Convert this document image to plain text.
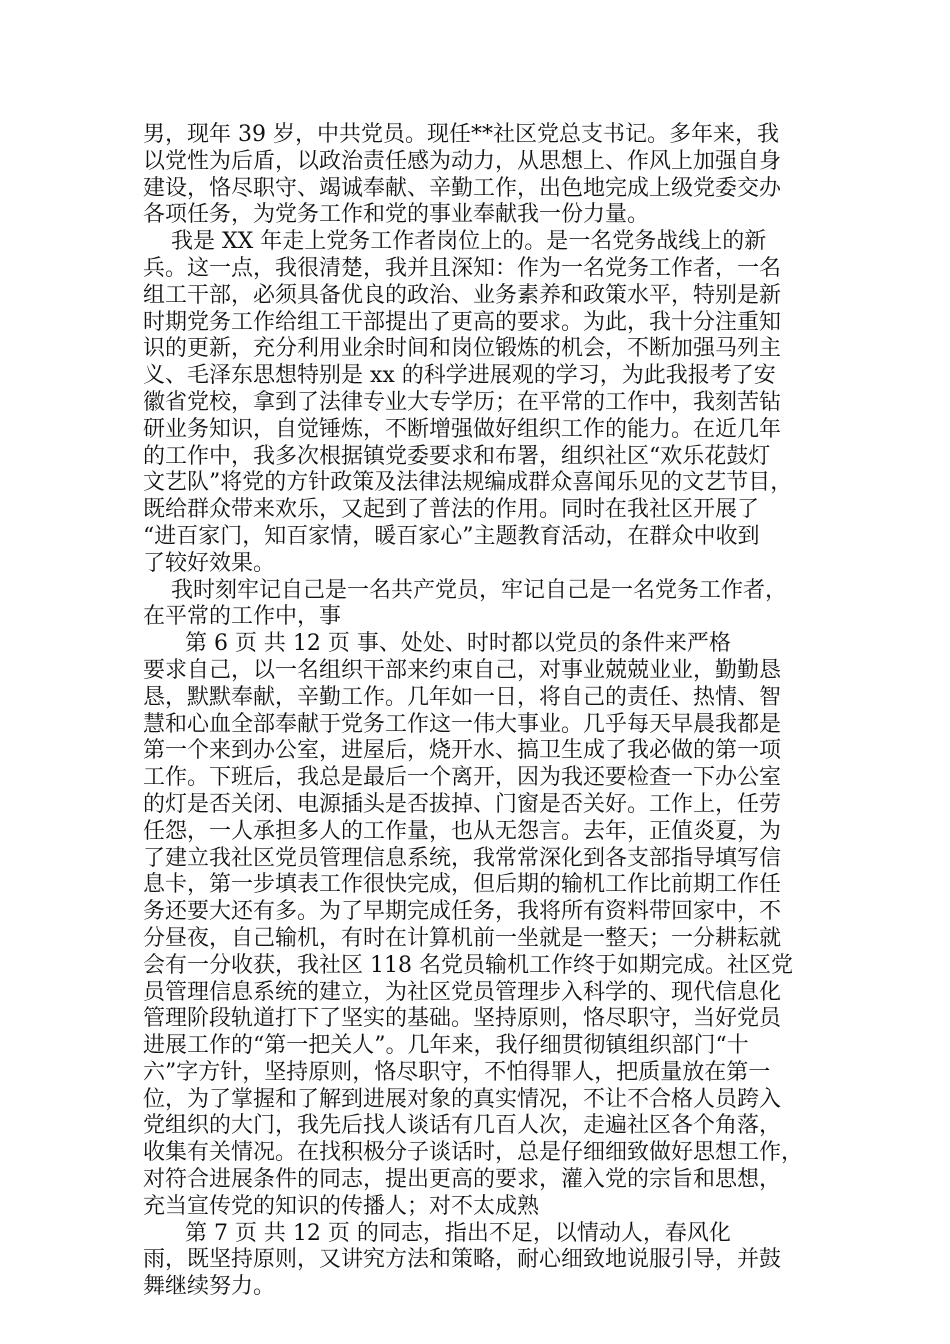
男，现年 39 岁，中共党员。现任**社区党总支书记。多年来，我
以党性为后盾，以政治责任感为动力，从思想上、作风上加强自身
建设，恪尽职守、竭诚奉献、辛勤工作，出色地完成上级党委交办
各项任务，为党务工作和党的事业奉献我一份力量。
我是 XX 年走上党务工作者岗位上的。是一名党务战线上的新
兵。这一点，我很清楚，我并且深知：作为一名党务工作者，一名
组工干部，必须具备优良的政治、业务素养和政策水平，特别是新
时期党务工作给组工干部提出了更高的要求。为此，我十分注重知
识的更新，充分利用业余时间和岗位锻炼的机会，不断加强马列主
义、毛泽东思想特别是 xx 的科学进展观的学习，为此我报考了安
徽省党校，拿到了法律专业大专学历；在平常的工作中，我刻苦钻
研业务知识，自觉锤炼，不断增强做好组织工作的能力。在近几年
的工作中，我多次根据镇党委要求和布署，组织社区“欢乐花鼓灯
文艺队”将党的方针政策及法律法规编成群众喜闻乐见的文艺节目，
既给群众带来欢乐，又起到了普法的作用。同时在我社区开展了
“进百家门，知百家情，暖百家心”主题教育活动，在群众中收到
了较好效果。
我时刻牢记自己是一名共产党员，牢记自己是一名党务工作者，
在平常的工作中，事
第 6 页 共 12 页 事、处处、时时都以党员的条件来严格
要求自己，以一名组织干部来约束自己，对事业兢兢业业，勤勤恳
恳，默默奉献，辛勤工作。几年如一日，将自己的责任、热情、智
慧和心血全部奉献于党务工作这一伟大事业。几乎每天早晨我都是
第一个来到办公室，进屋后，烧开水、搞卫生成了我必做的第一项
工作。下班后，我总是最后一个离开，因为我还要检查一下办公室
的灯是否关闭、电源插头是否拔掉、门窗是否关好。工作上，任劳
任怨，一人承担多人的工作量，也从无怨言。去年，正值炎夏，为
了建立我社区党员管理信息系统，我常常深化到各支部指导填写信
息卡，第一步填表工作很快完成，但后期的输机工作比前期工作任
务还要大还有多。为了早期完成任务，我将所有资料带回家中，不
分昼夜，自己输机，有时在计算机前一坐就是一整天；一分耕耘就
会有一分收获，我社区 118 名党员输机工作终于如期完成。社区党
员管理信息系统的建立，为社区党员管理步入科学的、现代信息化
管理阶段轨道打下了坚实的基础。坚持原则，恪尽职守，当好党员
进展工作的“第一把关人”。几年来，我仔细贯彻镇组织部门“十
六”字方针，坚持原则，恪尽职守，不怕得罪人，把质量放在第一
位，为了掌握和了解到进展对象的真实情况，不让不合格人员跨入
党组织的大门，我先后找人谈话有几百人次，走遍社区各个角落，
收集有关情况。在找积极分子谈话时，总是仔细细致做好思想工作，
对符合进展条件的同志，提出更高的要求，灌入党的宗旨和思想，
充当宣传党的知识的传播人；对不太成熟
第 7 页 共 12 页 的同志，指出不足，以情动人，春风化
雨，既坚持原则，又讲究方法和策略，耐心细致地说服引导，并鼓
舞继续努力。
